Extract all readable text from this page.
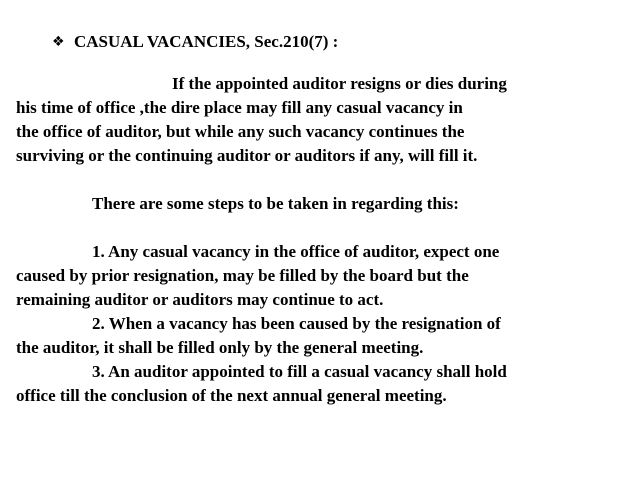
❖
CASUAL VACANCIES, Sec.210(7) :
If the appointed auditor resigns or dies during
his time of office ,the dire place may fill any casual vacancy in
the office of auditor, but while any such vacancy continues the
surviving or the continuing auditor or auditors if any, will fill it.
There are some steps to be taken in regarding this:
1. Any casual vacancy in the office of auditor, expect one
caused by prior resignation, may be filled by the board but the
remaining auditor or auditors may continue to act.
2. When a vacancy has been caused by the resignation of
the auditor, it shall be filled only by the general meeting.
3. An auditor appointed to fill a casual vacancy shall hold
office till the conclusion of the next annual general meeting.
